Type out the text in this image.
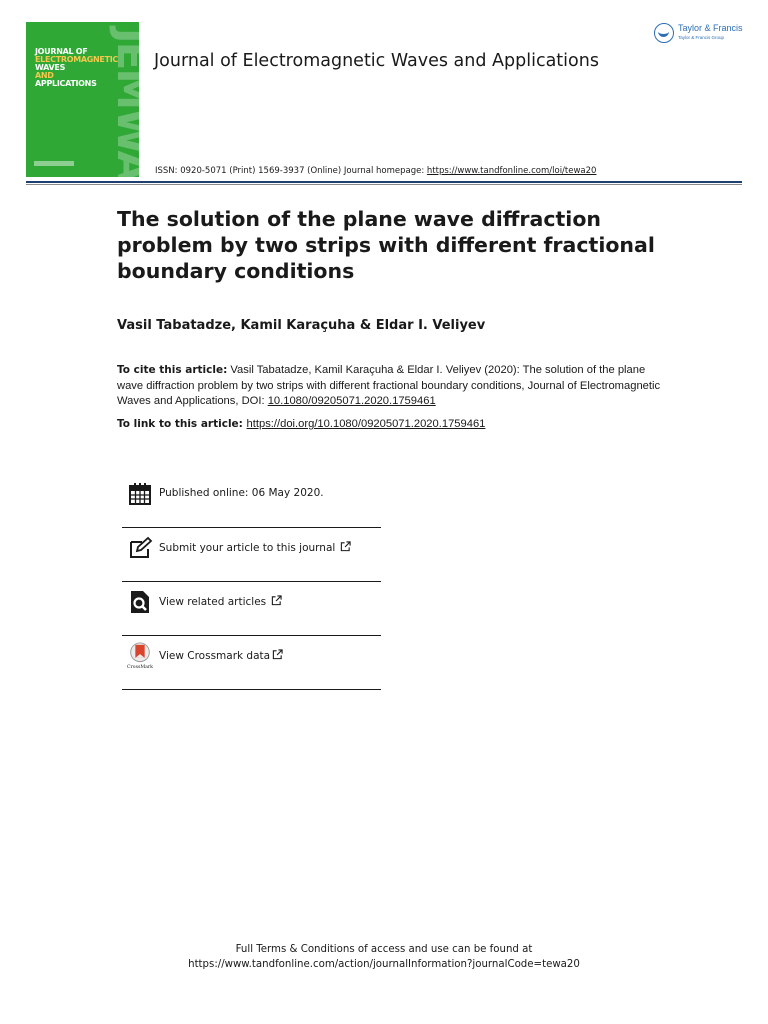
JOURNAL OF
ELECTROMAGNETIC
WAVES
AND
APPLICATIONS JEMWA
Journal of Electromagnetic Waves and Applications
Taylor & Francis
Taylor & Francis Group
ISSN: 0920-5071 (Print) 1569-3937 (Online) Journal homepage: https://www.tandfonline.com/loi/tewa20
The solution of the plane wave diffraction problem by two strips with different fractional boundary conditions
Vasil Tabatadze, Kamil Karaçuha & Eldar I. Veliyev
To cite this article: Vasil Tabatadze, Kamil Karaçuha & Eldar I. Veliyev (2020): The solution of the plane wave diffraction problem by two strips with different fractional boundary conditions, Journal of Electromagnetic Waves and Applications, DOI: 10.1080/09205071.2020.1759461
To link to this article: https://doi.org/10.1080/09205071.2020.1759461
Published online: 06 May 2020.
Submit your article to this journal
View related articles
CrossMark
View Crossmark data
Full Terms & Conditions of access and use can be found at
https://www.tandfonline.com/action/journalInformation?journalCode=tewa20
